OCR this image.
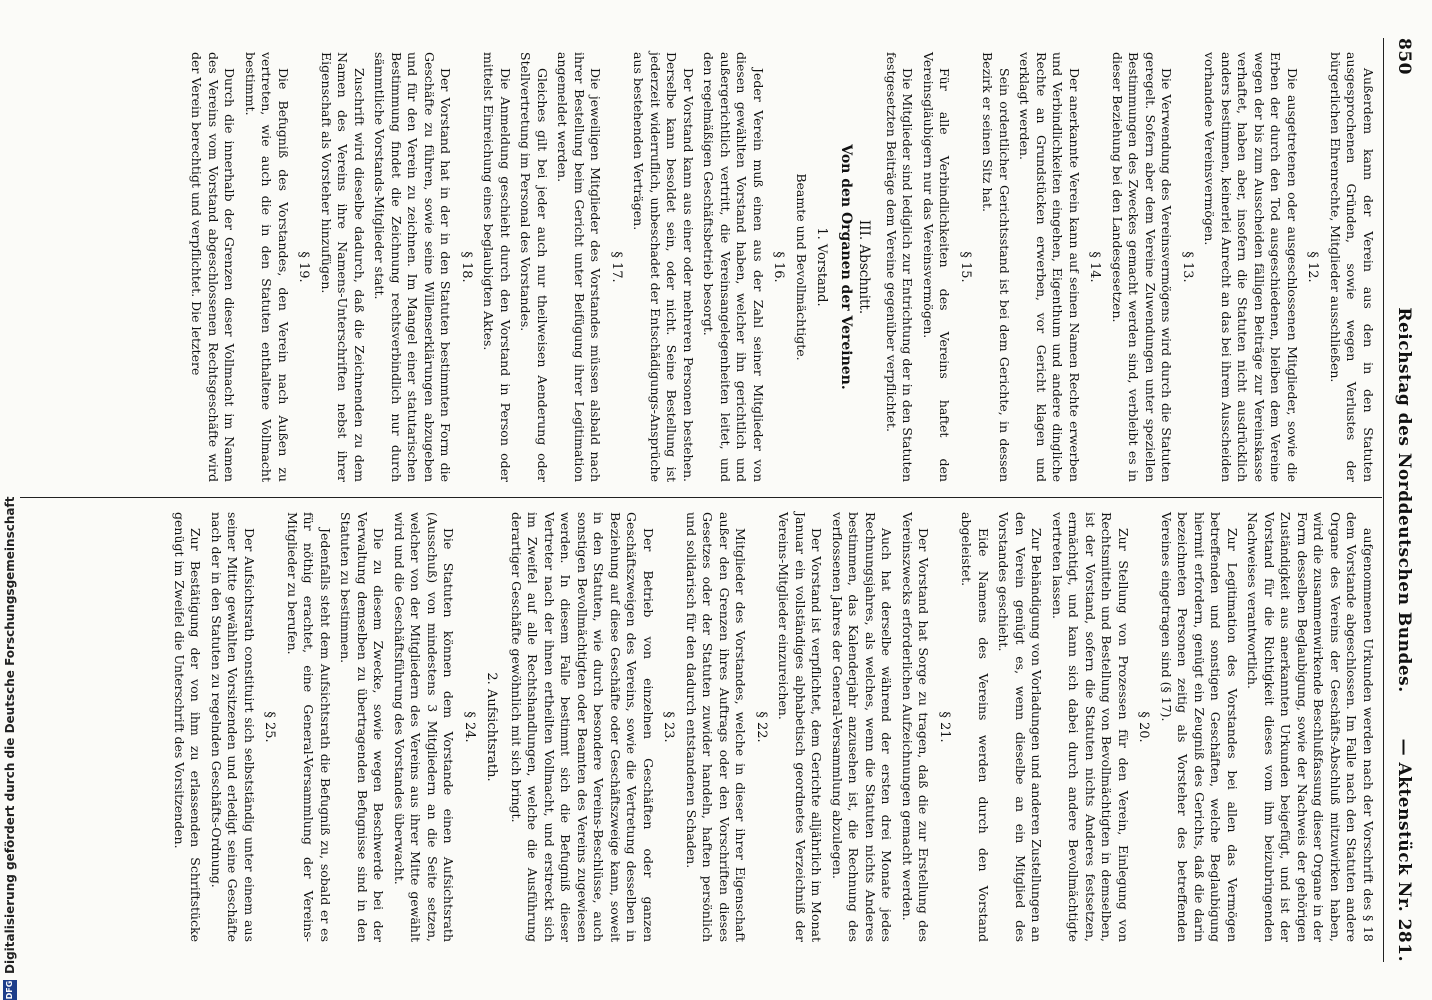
850
Reichstag des Norddeutschen Bundes.
— Aktenstück Nr. 281.

Außerdem kann der Verein aus den in den Statuten ausgesprochenen Gründen, sowie wegen Verlustes der bürgerlichen Ehrenrechte, Mitglieder ausschließen.

§ 12.

Die ausgetretenen oder ausgeschlossenen Mitglieder, sowie die Erben der durch den Tod ausgeschiedenen, bleiben dem Vereine wegen der bis zum Ausscheiden fälligen Beiträge zur Vereinskasse verhaftet, haben aber, insofern die Statuten nicht ausdrücklich anders bestimmen, keinerlei Anrecht an das bei ihrem Ausscheiden vorhandene Vereinsvermögen.

§ 13.

Die Verwendung des Vereinsvermögens wird durch die Statuten geregelt. Sofern aber dem Vereine Zuwendungen unter speziellen Bestimmungen des Zweckes gemacht werden sind, verbleibt es in dieser Beziehung bei den Landesgesetzen.

§ 14.

Der anerkannte Verein kann auf seinen Namen Rechte erwerben und Verbindlichkeiten eingehen, Eigenthum und andere dingliche Rechte an Grundstücken erwerben, vor Gericht klagen und verklagt werden.

Sein ordentlicher Gerichtsstand ist bei dem Gerichte, in dessen Bezirk er seinen Sitz hat.

§ 15.

Für alle Verbindlichkeiten des Vereins haftet den Vereinsgläubigern nur das Vereinsvermögen.

Die Mitglieder sind lediglich zur Entrichtung der in den Statuten festgesetzten Beiträge dem Vereine gegenüber verpflichtet.

III. Abschnitt.

Von den Organen der Vereinen.

1. Vorstand.

Beamte und Bevollmächtigte.

§ 16.

Jeder Verein muß einen aus der Zahl seiner Mitglieder von diesen gewählten Vorstand haben, welcher ihn gerichtlich und außergerichtlich vertritt, die Vereinsangelegenheiten leitet, und den regelmäßigen Geschäftsbetrieb besorgt.

Der Vorstand kann aus einer oder mehreren Personen bestehen. Derselbe kann besoldet sein, oder nicht. Seine Bestellung ist jederzeit widerruflich, unbeschadet der Entschädigungs-Ansprüche aus bestehenden Verträgen.

§ 17.

Die jeweiligen Mitglieder des Vorstandes müssen alsbald nach ihrer Bestellung beim Gericht unter Beifügung ihrer Legitimation angemeldet werden.

Gleiches gilt bei jeder auch nur theilweisen Aenderung oder Stellvertretung im Personal des Vorstandes.

Die Anmeldung geschieht durch den Vorstand in Person oder mittelst Einreichung eines beglaubigten Aktes.

§ 18.

Der Vorstand hat in der in den Statuten bestimmten Form die Geschäfte zu führen, sowie seine Willenserklärungen abzugeben und für den Verein zu zeichnen. Im Mangel einer statutarischen Bestimmung findet die Zeichnung rechtsverbindlich nur durch sämmtliche Vorstands-Mitglieder statt.

Zuschrift wird dieselbe dadurch, daß die Zeichnenden zu dem Namen des Vereins ihre Namens-Unterschriften nebst ihrer Eigenschaft als Vorsteher hinzufügen.

§ 19.

Die Befugniß des Vorstandes, den Verein nach Außen zu vertreten, wie auch die in den Statuten enthaltene Vollmacht bestimmt.

Durch die innerhalb der Grenzen dieser Vollmacht im Namen des Vereins vom Vorstand abgeschlossenen Rechtsgeschäfte wird der Verein berechtigt und verpflichtet. Die letztere

aufgenommenen Urkunden werden nach der Vorschrift des § 18 dem Vorstande abgeschlossen. Im Falle nach den Statuten andere Organe des Vereins der Geschäfts-Abschluß mitzuwirken haben, wird die zusammenwirkende Beschlußfassung dieser Organe in der Form desselben Beglaubigung, sowie der Nachweis der gehörigen Zuständigkeit aus anerkannten Urkunden beigefügt, und ist der Vorstand für die Richtigkeit dieses vom ihm beizubringenden Nachweises verantwortlich.

Zur Legitimation des Vorstandes bei allen das Vermögen betreffenden und sonstigen Geschäften, welche Beglaubigung hiermit erfordern, genügt ein Zeugniß des Gerichts, daß die darin bezeichneten Personen zeitig als Vorsteher des betreffenden Vereines eingetragen sind (§ 17).

§ 20.

Zur Stellung von Prozessen für den Verein, Einlegung von Rechtsmitteln und Bestellung von Bevollmächtigten in demselben, ist der Vorstand, sofern die Statuten nichts Anderes festsetzen, ermächtigt, und kann sich dabei durch andere Bevollmächtigte vertreten lassen.

Zur Behändigung von Vorladungen und anderen Zustellungen an den Verein genügt es, wenn dieselbe an ein Mitglied des Vorstandes geschieht.

Eide Namens des Vereins werden durch den Vorstand abgeleistet.

§ 21.

Der Vorstand hat Sorge zu tragen, daß die zur Erstellung des Vereinszwecks erforderlichen Aufzeichnungen gemacht werden.

Auch hat derselbe während der ersten drei Monate jedes Rechnungsjahres, als welches, wenn die Statuten nichts Anderes bestimmen, das Kalenderjahr anzusehen ist, die Rechnung des verflossenen Jahres der General-Versammlung abzulegen.

Der Vorstand ist verpflichtet, dem Gerichte alljährlich im Monat Januar ein vollständiges alphabetisch geordnetes Verzeichniß der Vereins-Mitglieder einzureichen.

§ 22.

Mitglieder des Vorstandes, welche in dieser ihrer Eigenschaft außer den Grenzen ihres Auftrags oder den Vorschriften dieses Gesetzes oder der Statuten zuwider handeln, haften persönlich und solidarisch für den dadurch entstandenen Schaden.

§ 23.

Der Betrieb von einzelnen Geschäften oder ganzen Geschäftszweigen des Vereins, sowie die Vertretung desselben in Beziehung auf diese Geschäfte oder Geschäftszweige kann, soweit in den Statuten, wie durch besondere Vereins-Beschlüsse, auch sonstigen Bevollmächtigten oder Beamten des Vereins zugewiesen werden. In diesem Falle bestimmt sich die Befugniß dieser Vertreter nach der ihnen ertheilten Vollmacht, und erstreckt sich im Zweifel auf alle Rechtshandlungen, welche die Ausführung derartiger Geschäfte gewöhnlich mit sich bringt.

2. Aufsichtsrath.

§ 24.

Die Statuten können dem Vorstande einen Aufsichtsrath (Ausschuß) von mindestens 3 Mitgliedern an die Seite setzen, welcher von der Mitgliedern des Vereins aus ihrer Mitte gewählt wird und die Geschäftsführung des Vorstandes überwacht.

Die zu diesem Zwecke, sowie wegen Beschwerde bei der Verwaltung demselben zu übertragenden Befugnisse sind in den Statuten zu bestimmen.

Jedenfalls steht dem Aufsichtsrath die Befugniß zu, sobald er es für nöthig erachtet, eine General-Versammlung der Vereins-Mitglieder zu berufen.

§ 25.

Der Aufsichtsrath constituirt sich selbstständig unter einem aus seiner Mitte gewählten Vorsitzenden und erledigt seine Geschäfte nach der in den Statuten zu regelnden Geschäfts-Ordnung.

Zur Bestätigung der von ihm zu erlassenden Schriftstücke genügt im Zweifel die Unterschrift des Vorsitzenden.

DFG
Digitalisierung gefördert durch die Deutsche Forschungsgemeinschaft
